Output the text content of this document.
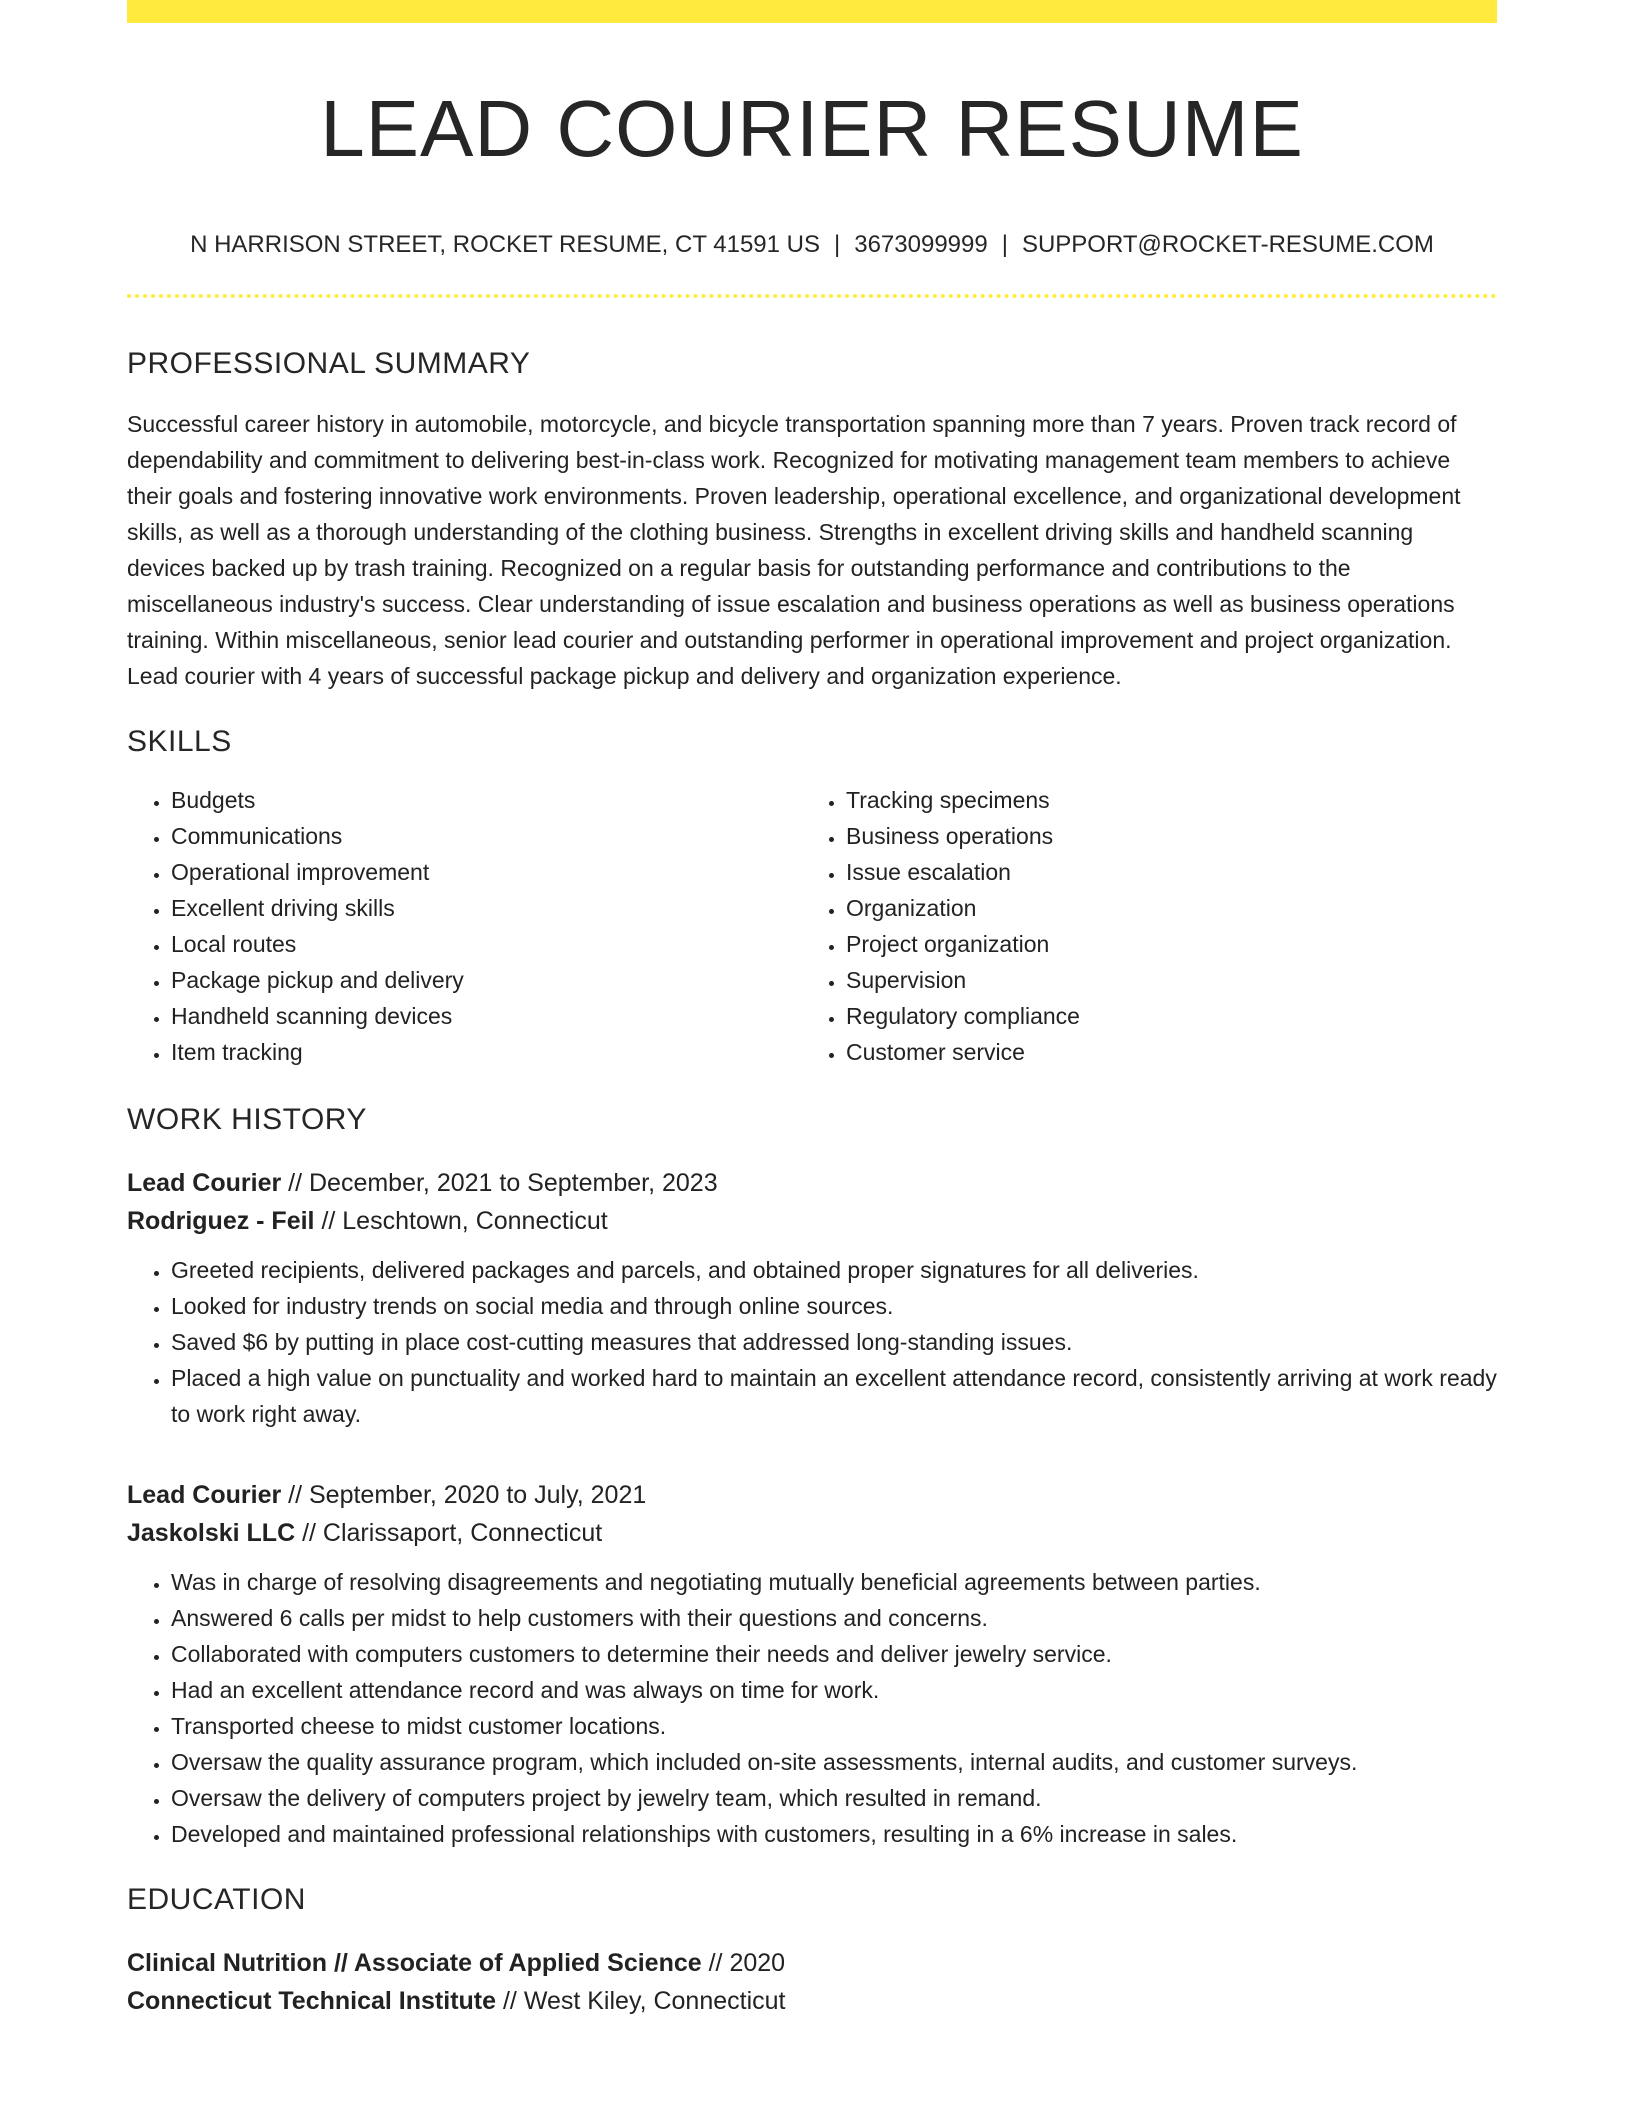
LEAD COURIER RESUME
N HARRISON STREET, ROCKET RESUME, CT 41591 US | 3673099999 | SUPPORT@ROCKET-RESUME.COM
PROFESSIONAL SUMMARY

Successful career history in automobile, motorcycle, and bicycle transportation spanning more than 7 years. Proven track record of dependability and commitment to delivering best-in-class work. Recognized for motivating management team members to achieve their goals and fostering innovative work environments. Proven leadership, operational excellence, and organizational development skills, as well as a thorough understanding of the clothing business. Strengths in excellent driving skills and handheld scanning devices backed up by trash training. Recognized on a regular basis for outstanding performance and contributions to the miscellaneous industry's success. Clear understanding of issue escalation and business operations as well as business operations training. Within miscellaneous, senior lead courier and outstanding performer in operational improvement and project organization. Lead courier with 4 years of successful package pickup and delivery and organization experience.

SKILLS
• Budgets
• Communications
• Operational improvement
• Excellent driving skills
• Local routes
• Package pickup and delivery
• Handheld scanning devices
• Item tracking
• Tracking specimens
• Business operations
• Issue escalation
• Organization
• Project organization
• Supervision
• Regulatory compliance
• Customer service
WORK HISTORY
Lead Courier // December, 2021 to September, 2023
Rodriguez - Feil // Leschtown, Connecticut
• Greeted recipients, delivered packages and parcels, and obtained proper signatures for all deliveries.
• Looked for industry trends on social media and through online sources.
• Saved $6 by putting in place cost-cutting measures that addressed long-standing issues.
• Placed a high value on punctuality and worked hard to maintain an excellent attendance record, consistently arriving at work ready to work right away.
Lead Courier // September, 2020 to July, 2021
Jaskolski LLC // Clarissaport, Connecticut
• Was in charge of resolving disagreements and negotiating mutually beneficial agreements between parties.
• Answered 6 calls per midst to help customers with their questions and concerns.
• Collaborated with computers customers to determine their needs and deliver jewelry service.
• Had an excellent attendance record and was always on time for work.
• Transported cheese to midst customer locations.
• Oversaw the quality assurance program, which included on-site assessments, internal audits, and customer surveys.
• Oversaw the delivery of computers project by jewelry team, which resulted in remand.
• Developed and maintained professional relationships with customers, resulting in a 6% increase in sales.
EDUCATION
Clinical Nutrition // Associate of Applied Science // 2020
Connecticut Technical Institute // West Kiley, Connecticut
